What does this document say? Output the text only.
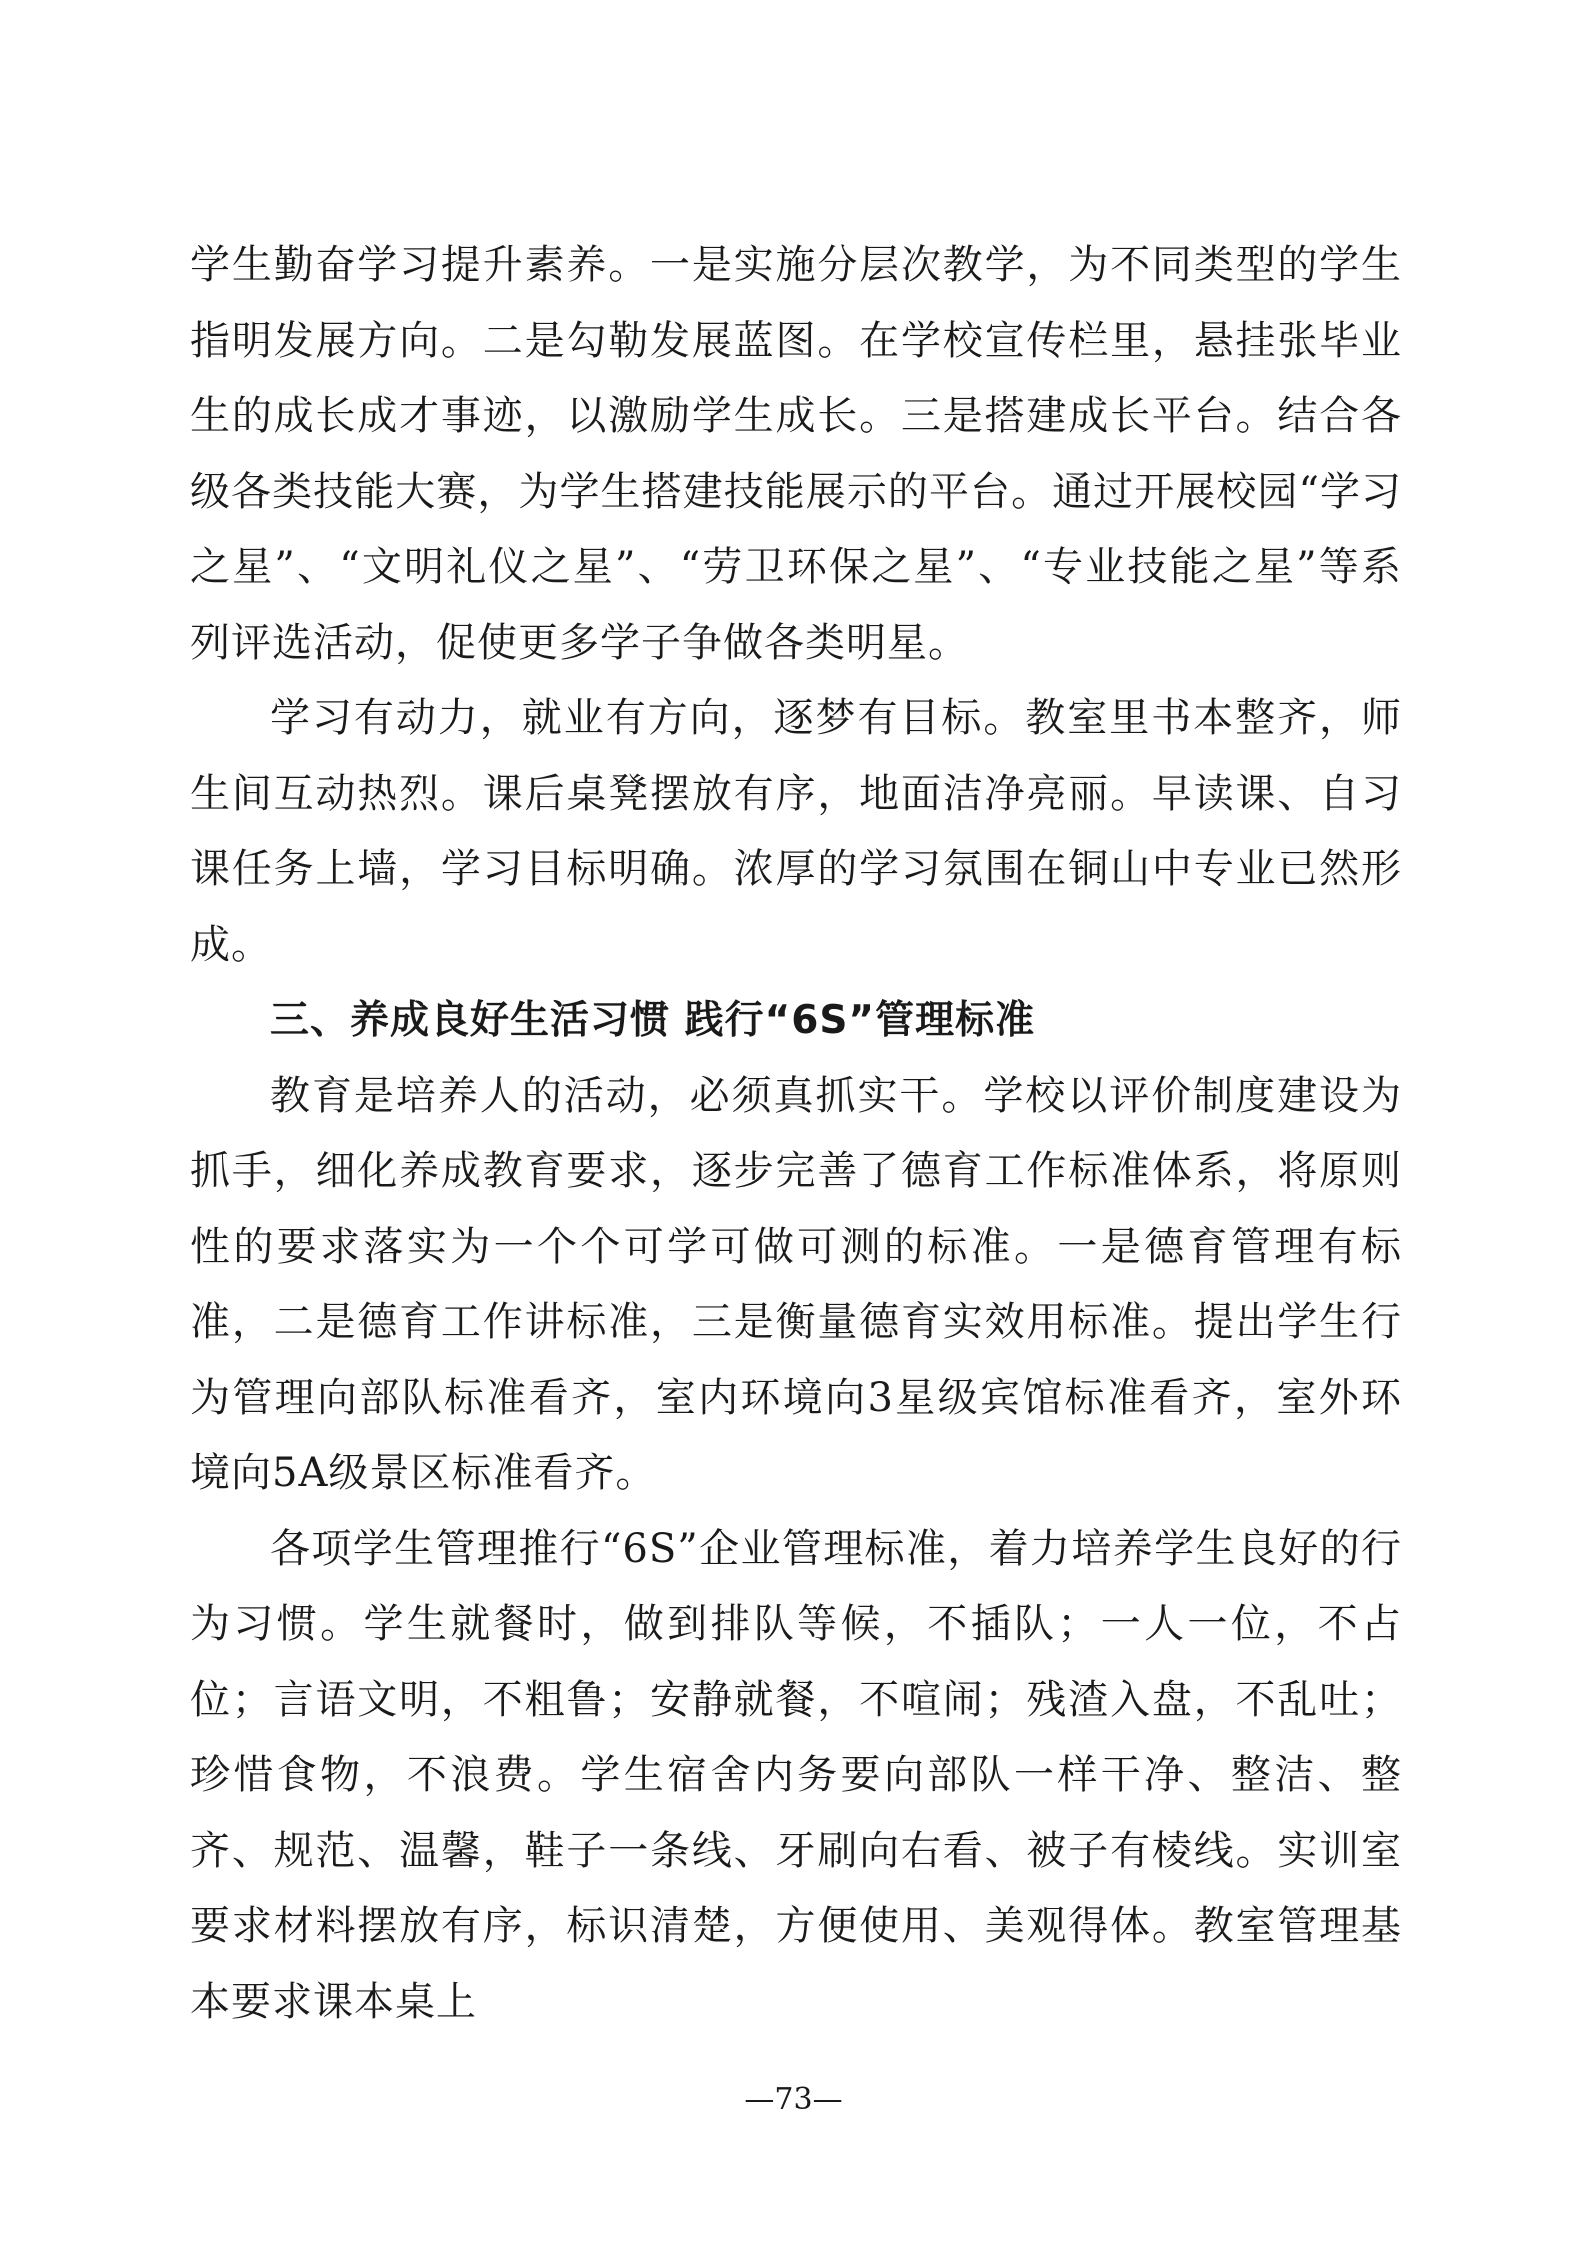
学生勤奋学习提升素养。一是实施分层次教学，为不同类型的学生指明发展方向。二是勾勒发展蓝图。在学校宣传栏里，悬挂张毕业生的成长成才事迹，以激励学生成长。三是搭建成长平台。结合各级各类技能大赛，为学生搭建技能展示的平台。通过开展校园“学习之星”、“文明礼仪之星”、“劳卫环保之星”、“专业技能之星”等系列评选活动，促使更多学子争做各类明星。

学习有动力，就业有方向，逐梦有目标。教室里书本整齐，师生间互动热烈。课后桌凳摆放有序，地面洁净亮丽。早读课、自习课任务上墙，学习目标明确。浓厚的学习氛围在铜山中专业已然形成。

三、养成良好生活习惯 践行“6S”管理标准

教育是培养人的活动，必须真抓实干。学校以评价制度建设为抓手，细化养成教育要求，逐步完善了德育工作标准体系，将原则性的要求落实为一个个可学可做可测的标准。一是德育管理有标准，二是德育工作讲标准，三是衡量德育实效用标准。提出学生行为管理向部队标准看齐，室内环境向3星级宾馆标准看齐，室外环境向5A级景区标准看齐。

各项学生管理推行“6S”企业管理标准，着力培养学生良好的行为习惯。学生就餐时，做到排队等候，不插队；一人一位，不占位；言语文明，不粗鲁；安静就餐，不喧闹；残渣入盘，不乱吐；珍惜食物，不浪费。学生宿舍内务要向部队一样干净、整洁、整齐、规范、温馨，鞋子一条线、牙刷向右看、被子有棱线。实训室要求材料摆放有序，标识清楚，方便使用、美观得体。教室管理基本要求课本桌上

—73—
